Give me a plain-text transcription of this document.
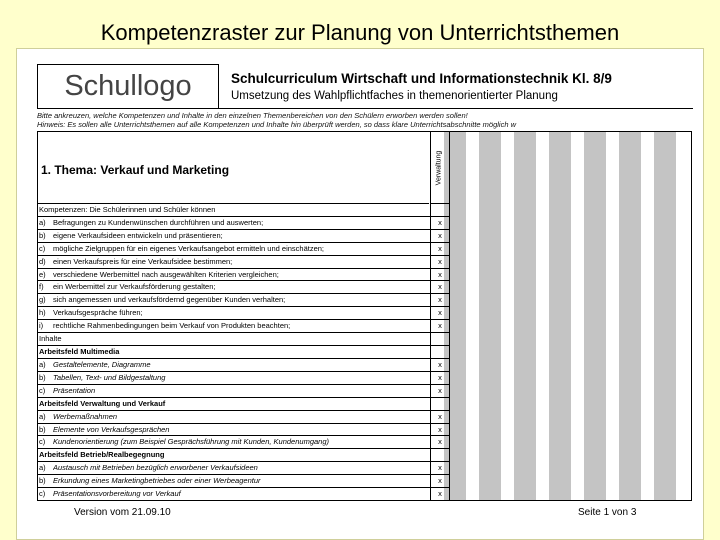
Kompetenzraster zur Planung von Unterrichtsthemen
Schullogo	Schulcurriculum Wirtschaft und Informationstechnik Kl. 8/9
Umsetzung des Wahlpflichtfaches in themenorientierter Planung
Bitte ankreuzen, welche Kompetenzen und Inhalte in den einzelnen Themenbereichen von den Schülern erworben werden sollen!
Hinweis: Es sollen alle Unterrichtsthemen auf alle Kompetenzen und Inhalte hin überprüft werden, so dass klare Unterrichtsabschnitte möglich w
1. Thema: Verkauf und Marketing	Verwaltung
Kompetenzen: Die Schülerinnen und Schüler können
a) Befragungen zu Kundenwünschen durchführen und auswerten;	x
b) eigene Verkaufsideen entwickeln und präsentieren;	x
c)	mögliche Zielgruppen für ein eigenes Verkaufsangebot ermitteln und einschätzen;	x
d) einen Verkaufspreis für eine Verkaufsidee bestimmen;	x
e) verschiedene Werbemittel nach ausgewählten Kriterien vergleichen;	x
f)	ein Werbemittel zur Verkaufsförderung gestalten;	x
g) sich angemessen und verkaufsfördernd gegenüber Kunden verhalten;	x
h) Verkaufsgespräche führen;	x
i)	rechtliche Rahmenbedingungen beim Verkauf von Produkten beachten;	x
Inhalte
Arbeitsfeld Multimedia
a) Gestaltelemente, Diagramme	x
b) Tabellen, Text- und Bildgestaltung	x
c)	Präsentation	x
Arbeitsfeld Verwaltung und Verkauf
a) Werbemaßnahmen	x
b) Elemente von Verkaufsgesprächen	x
c)	Kundenorientierung (zum Beispiel Gesprächsführung mit Kunden, Kundenumgang)	x
Arbeitsfeld Betrieb/Realbegegnung
a) Austausch mit Betrieben bezüglich erworbener Verkaufsideen	x
b) Erkundung eines Marketingbetriebes oder einer Werbeagentur	x
c)	Präsentationsvorbereitung vor Verkauf	x
Version vom 21.09.10	Seite 1 von 3
